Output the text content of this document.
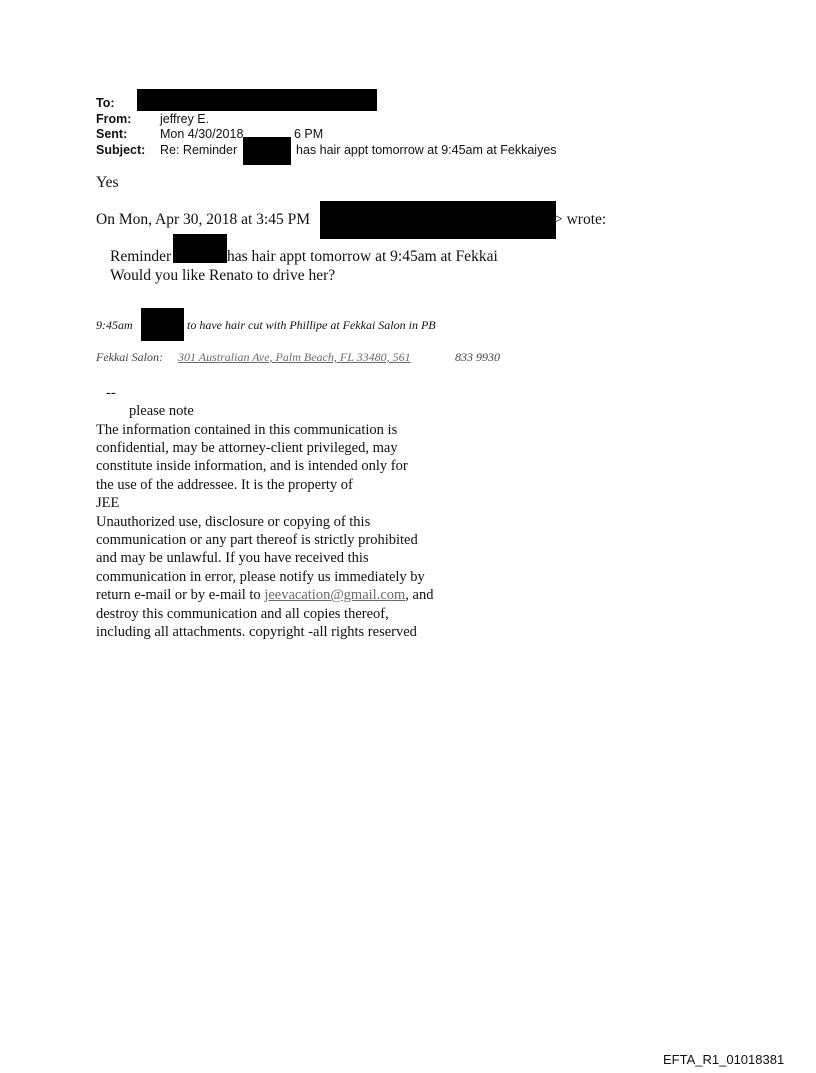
To:
From: jeffrey E.
Sent:	Mon 4/30/2018	6 PM
Subject: Re: Reminder	has hair appt tomorrow at 9:45am at Fekkaiyes
Yes
On Mon, Apr 30, 2018 at 3:45 PM	> wrote:
Reminder	has hair appt tomorrow at 9:45am at Fekkai
Would you like Renato to drive her?
9:45am	to have hair cut with Phillipe at Fekkai Salon in PB
Fekkai Salon: 301 Australian Ave, Palm Beach, FL 33480, 561	833 9930
--
please note
The information contained in this communication is
confidential, may be attorney-client privileged, may
constitute inside information, and is intended only for
the use of the addressee. It is the property of
JEE
Unauthorized use, disclosure or copying of this
communication or any part thereof is strictly prohibited
and may be unlawful. If you have received this
communication in error, please notify us immediately by
return e-mail or by e-mail to jeevacation@gmail.com, and
destroy this communication and all copies thereof,
including all attachments. copyright -all rights reserved
EFTA_R1_01018381
